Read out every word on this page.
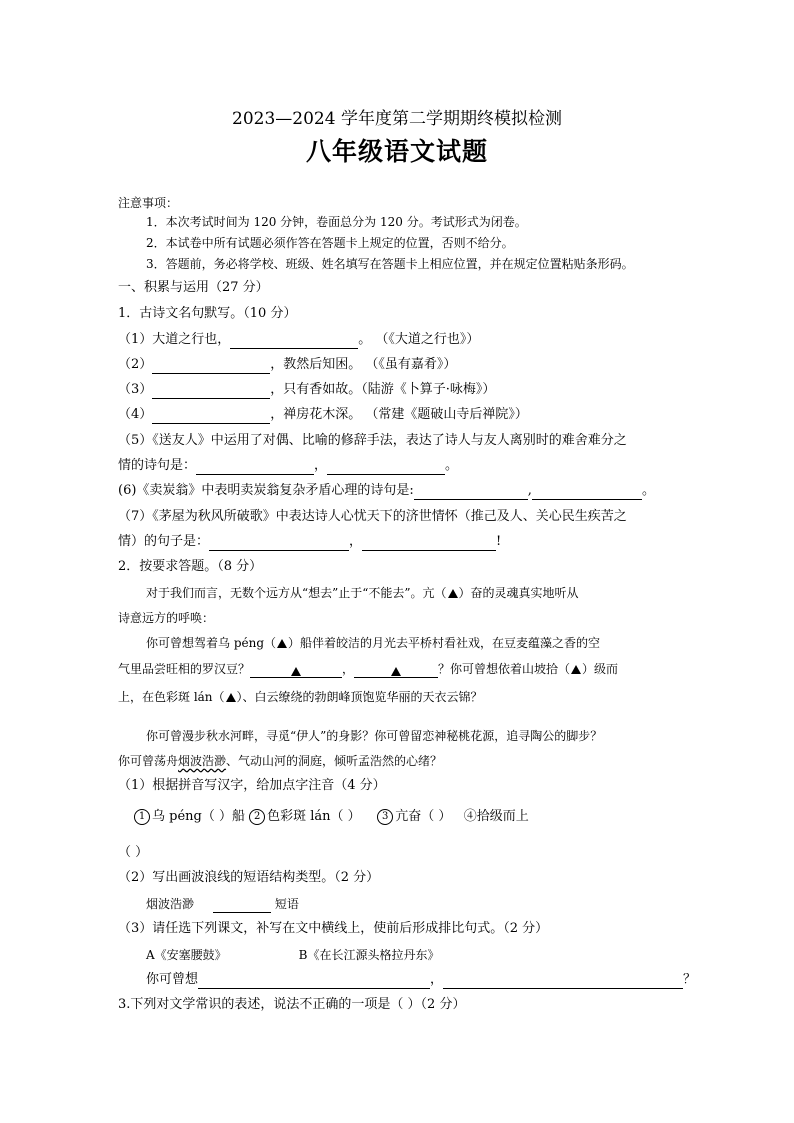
2023—2024 学年度第二学期期终模拟检测
八年级语文试题
注意事项：
1．本次考试时间为 120 分钟，卷面总分为 120 分。考试形式为闭卷。
2．本试卷中所有试题必须作答在答题卡上规定的位置，否则不给分。
3．答题前，务必将学校、班级、姓名填写在答题卡上相应位置，并在规定位置粘贴条形码。
一、积累与运用（27 分）
1．古诗文名句默写。（10 分）
（1）大道之行也，	。 （《大道之行也》）
（2）	，教然后知困。 （《虽有嘉肴》）
（3）	，只有香如故。（陆游《卜算子·咏梅》）
（4）	，禅房花木深。 （常建《题破山寺后禅院》）
（5）《送友人》中运用了对偶、比喻的修辞手法，表达了诗人与友人离别时的难舍难分之
情的诗句是：	，	。
(6)《卖炭翁》中表明卖炭翁复杂矛盾心理的诗句是:	,	。
（7）《茅屋为秋风所破歌》中表达诗人心忧天下的济世情怀（推己及人、关心民生疾苦之
情）的句子是：	，	!
2．按要求答题。（8 分）
对于我们而言，无数个远方从“想去”止于“不能去”。亢（ ）奋的灵魂真实地听从
诗意远方的呼唤：
你可曾想驾着乌 péng（ ）船伴着皎洁的月光去平桥村看社戏，在豆麦蕴藻之香的空
气里品尝旺相的罗汉豆？	，	？你可曾想依着山坡拾（ ）级而
上，在色彩斑 lán（ ）、白云缭绕的勃朗峰顶饱览华丽的天衣云锦？
你可曾漫步秋水河畔，寻觅“伊人”的身影？你可曾留恋神秘桃花源，追寻陶公的脚步？
你可曾荡舟烟波浩渺、气动山河的洞庭，倾听孟浩然的心绪？
（1）根据拼音写汉字，给加点字注音（4 分）
1 乌 péng（ ）船 2 色彩斑 lán（ ） 3 亢奋（ ） ④拾级而上
（ ）
（2）写出画波浪线的短语结构类型。（2 分）
烟波浩渺	短语
（3）请任选下列课文，补写在文中横线上，使前后形成排比句式。（2 分）
A《安塞腰鼓》	B《在长江源头格拉丹东》
你可曾想	，	？
3.下列对文学常识的表述，说法不正确的一项是（ ）（2 分）
